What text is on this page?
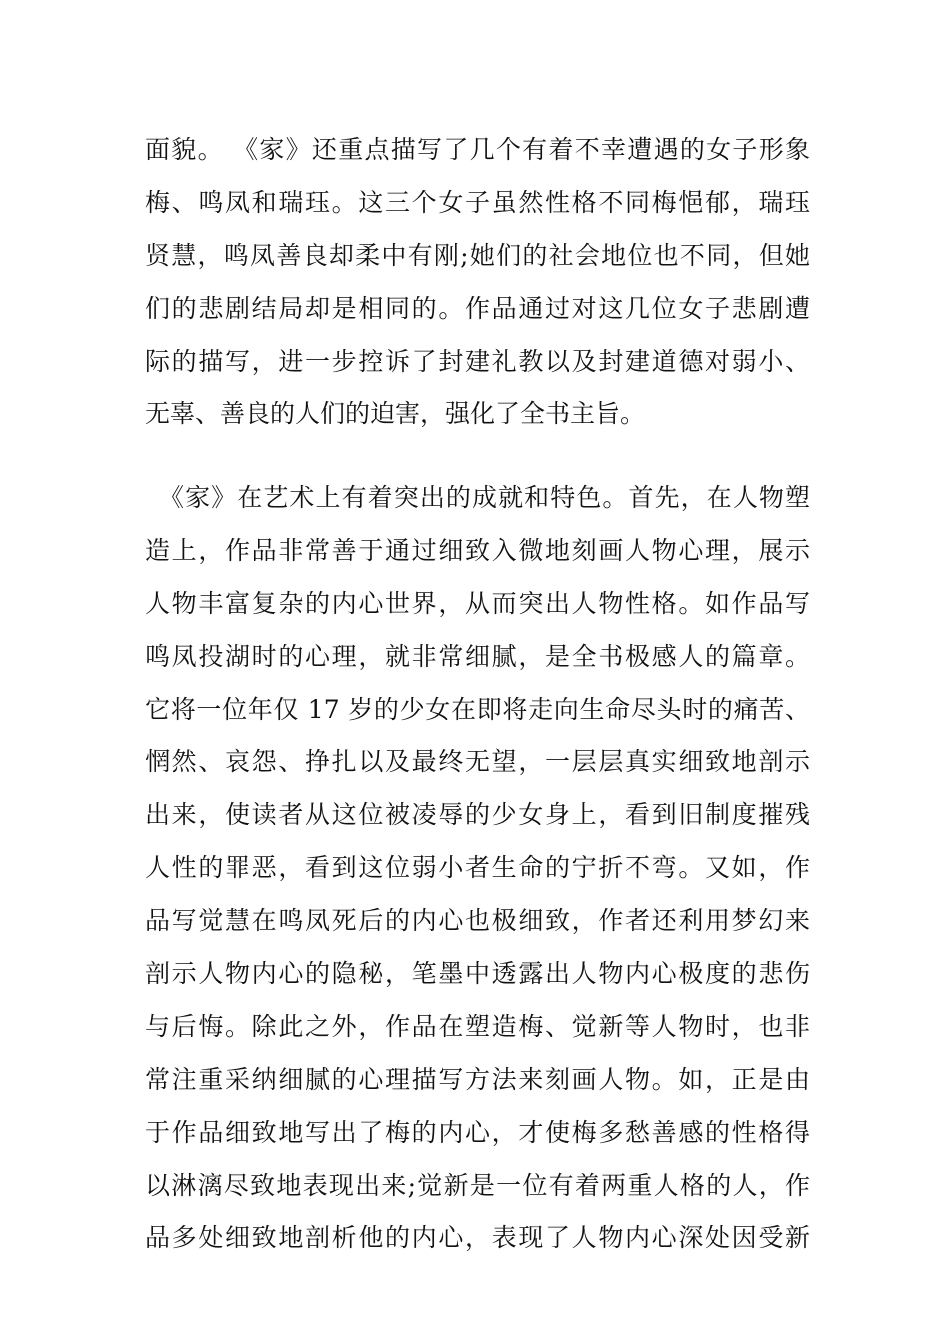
面貌。 《家》还重点描写了几个有着不幸遭遇的女子形象
梅、鸣凤和瑞珏。这三个女子虽然性格不同梅悒郁，瑞珏
贤慧，鸣凤善良却柔中有刚;她们的社会地位也不同，但她
们的悲剧结局却是相同的。作品通过对这几位女子悲剧遭
际的描写，进一步控诉了封建礼教以及封建道德对弱小、
无辜、善良的人们的迫害，强化了全书主旨。
《家》在艺术上有着突出的成就和特色。首先，在人物塑
造上，作品非常善于通过细致入微地刻画人物心理，展示
人物丰富复杂的内心世界，从而突出人物性格。如作品写
鸣凤投湖时的心理，就非常细腻，是全书极感人的篇章。
它将一位年仅 17 岁的少女在即将走向生命尽头时的痛苦、
惘然、哀怨、挣扎以及最终无望，一层层真实细致地剖示
出来，使读者从这位被凌辱的少女身上，看到旧制度摧残
人性的罪恶，看到这位弱小者生命的宁折不弯。又如，作
品写觉慧在鸣凤死后的内心也极细致，作者还利用梦幻来
剖示人物内心的隐秘，笔墨中透露出人物内心极度的悲伤
与后悔。除此之外，作品在塑造梅、觉新等人物时，也非
常注重采纳细腻的心理描写方法来刻画人物。如，正是由
于作品细致地写出了梅的内心，才使梅多愁善感的性格得
以淋漓尽致地表现出来;觉新是一位有着两重人格的人，作
品多处细致地剖析他的内心，表现了人物内心深处因受新
